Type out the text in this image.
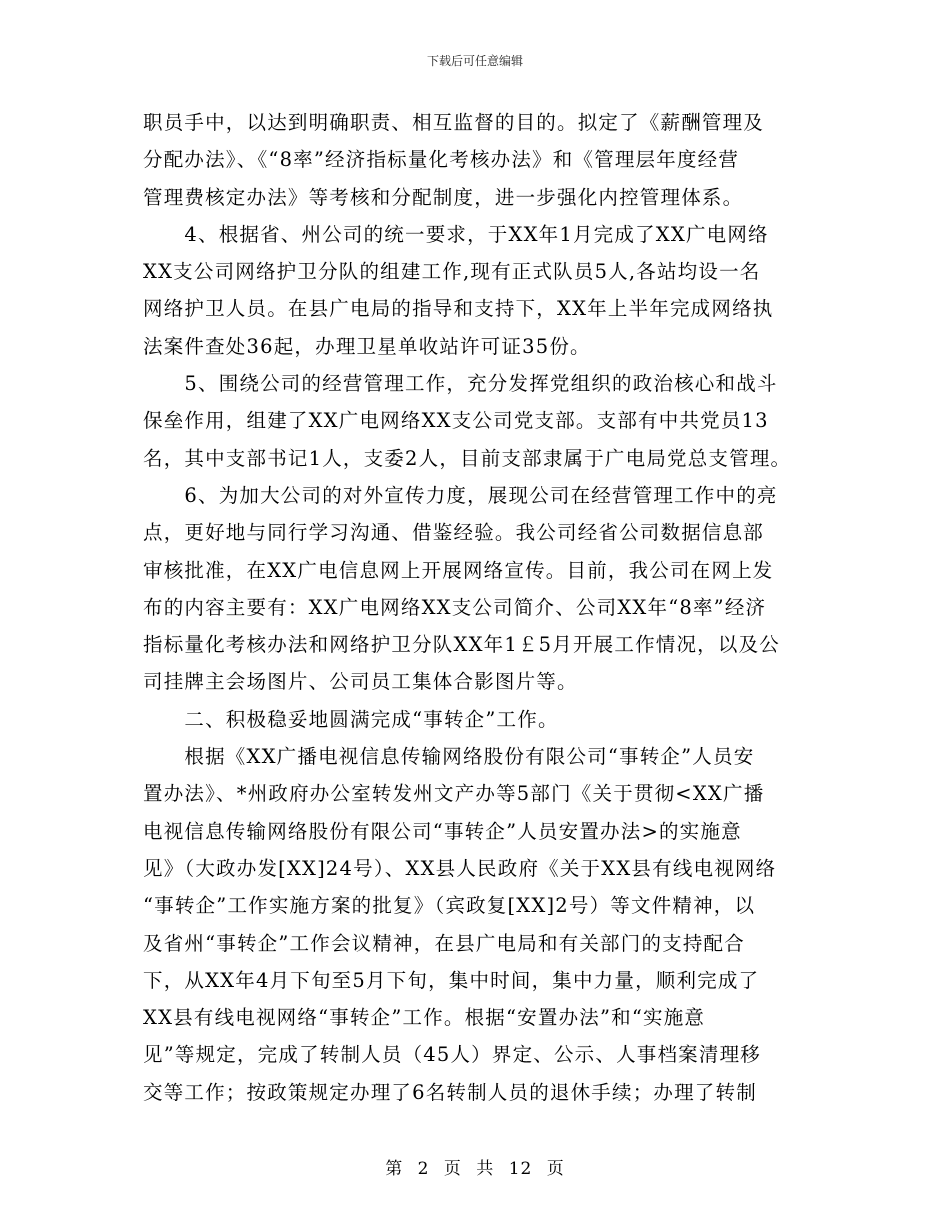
下载后可任意编辑
职员手中，以达到明确职责、相互监督的目的。拟定了《薪酬管理及
分配办法》、《“8率”经济指标量化考核办法》和《管理层年度经营
管理费核定办法》等考核和分配制度，进一步强化内控管理体系。
　　4、根据省、州公司的统一要求，于XX年1月完成了XX广电网络
XX支公司网络护卫分队的组建工作,现有正式队员5人,各站均设一名
网络护卫人员。在县广电局的指导和支持下，XX年上半年完成网络执
法案件查处36起，办理卫星单收站许可证35份。
　　5、围绕公司的经营管理工作，充分发挥党组织的政治核心和战斗
保垒作用，组建了XX广电网络XX支公司党支部。支部有中共党员13
名，其中支部书记1人，支委2人，目前支部隶属于广电局党总支管理。
　　6、为加大公司的对外宣传力度，展现公司在经营管理工作中的亮
点，更好地与同行学习沟通、借鉴经验。我公司经省公司数据信息部
审核批准，在XX广电信息网上开展网络宣传。目前，我公司在网上发
布的内容主要有：XX广电网络XX支公司简介、公司XX年“8率”经济
指标量化考核办法和网络护卫分队XX年1￡5月开展工作情况，以及公
司挂牌主会场图片、公司员工集体合影图片等。
　　二、积极稳妥地圆满完成“事转企”工作。
　　根据《XX广播电视信息传输网络股份有限公司“事转企”人员安
置办法》、*州政府办公室转发州文产办等5部门《关于贯彻<XX广播
电视信息传输网络股份有限公司“事转企”人员安置办法>的实施意
见》（大政办发[XX]24号）、XX县人民政府《关于XX县有线电视网络
“事转企”工作实施方案的批复》（宾政复[XX]2号）等文件精神，以
及省州“事转企”工作会议精神，在县广电局和有关部门的支持配合
下，从XX年4月下旬至5月下旬，集中时间，集中力量，顺利完成了
XX县有线电视网络“事转企”工作。根据“安置办法”和“实施意
见”等规定，完成了转制人员（45人）界定、公示、人事档案清理移
交等工作；按政策规定办理了6名转制人员的退休手续；办理了转制
第 2 页 共 12 页
